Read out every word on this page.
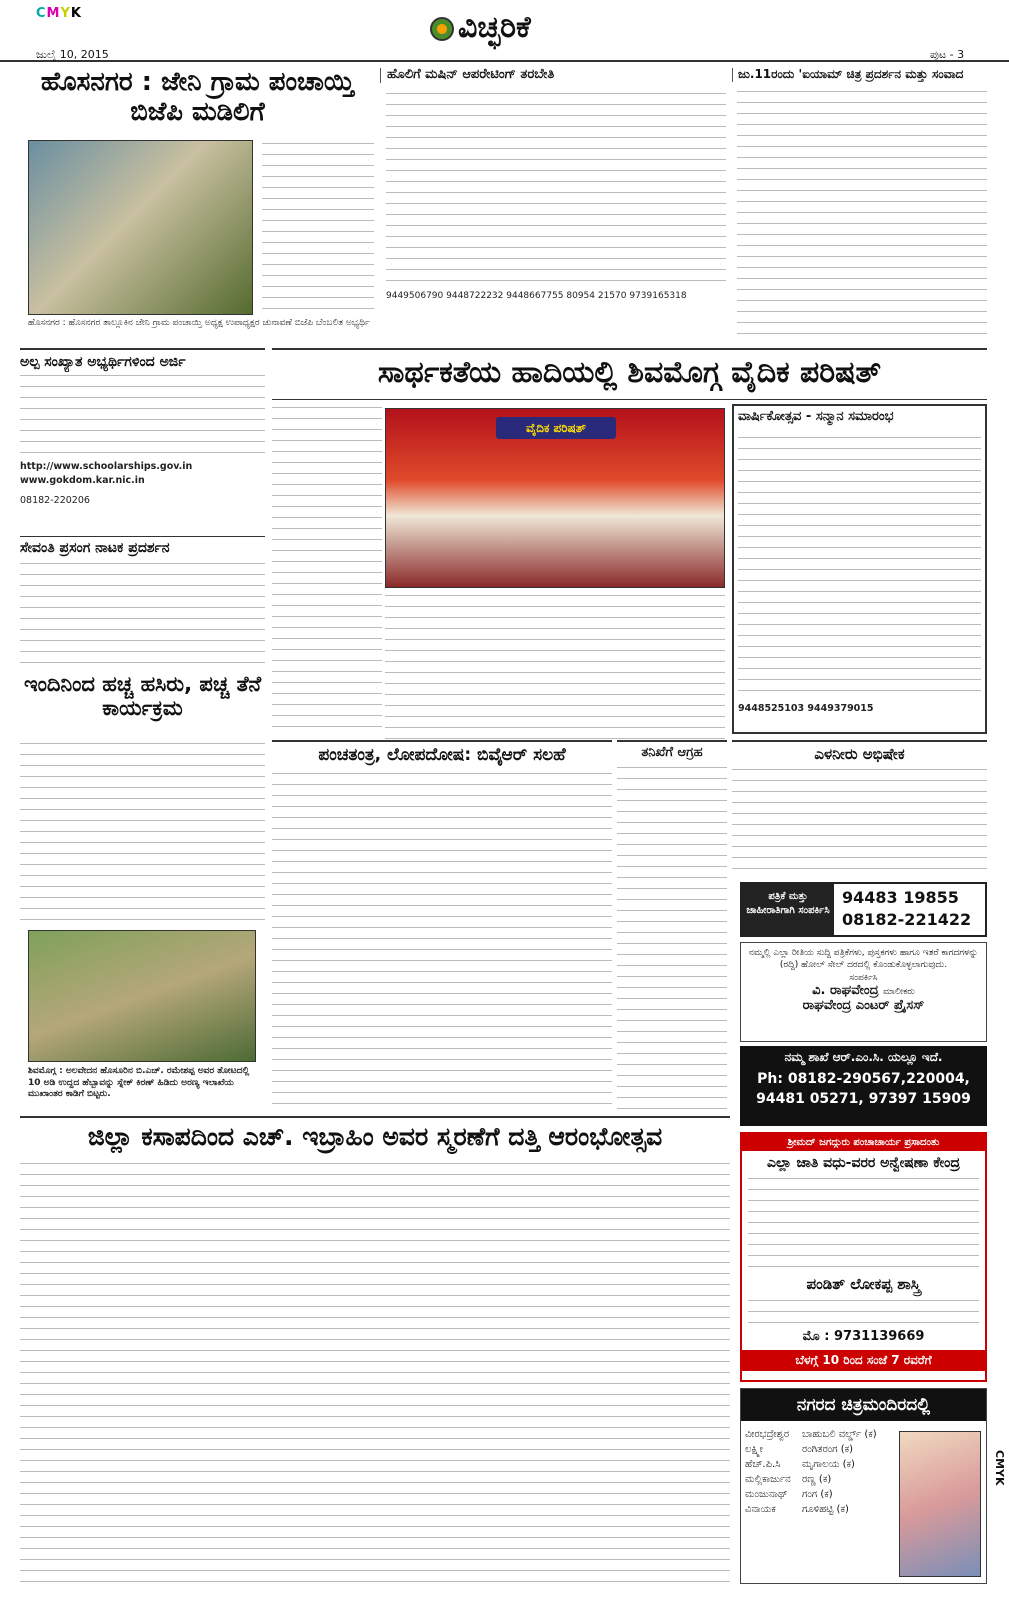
CMYK
ಜುಲೈ 10, 2015
ವಿಚ್ಛರಿಕೆ
ಪುಟ - 3
ಹೊಸನಗರ : ಜೇನಿ ಗ್ರಾಮ ಪಂಚಾಯ್ತಿ ಬಿಜೆಪಿ ಮಡಿಲಿಗೆ
ಹೊಸನಗರ : ಹೊಸನಗರ ತಾಲ್ಲೂಕಿನ ಜೇನಿ ಗ್ರಾಮ ಪಂಚಾಯ್ತಿ ಅಧ್ಯಕ್ಷ ಉಪಾಧ್ಯಕ್ಷರ ಚುನಾವಣೆ ಬಿಜೆಪಿ ಬೆಂಬಲಿತ ಅಭ್ಯರ್ಥಿ
ಹೊಲಿಗೆ ಮಷಿನ್ ಆಪರೇಟಿಂಗ್ ತರಬೇತಿ
9449506790 9448722232 9448667755 80954 21570 9739165318
ಜು.11ರಂದು 'ಐಯಾಮ್ ಚಿತ್ರ ಪ್ರದರ್ಶನ ಮತ್ತು ಸಂವಾದ
ಅಲ್ಪ ಸಂಖ್ಯಾತ ಅಭ್ಯರ್ಥಿಗಳಿಂದ ಅರ್ಜಿ
http://www.schoolarships.gov.in www.gokdom.kar.nic.in
08182-220206
ಸೇವಂತಿ ಪ್ರಸಂಗ ನಾಟಕ ಪ್ರದರ್ಶನ
ಇಂದಿನಿಂದ ಹಚ್ಚ ಹಸಿರು, ಪಚ್ಚ ತೆನೆ ಕಾರ್ಯಕ್ರಮ
ಶಿವಮೊಗ್ಗ : ಅಲವೇದನ ಹೊಸೂರಿನ ಬಿ.ಎಚ್. ರಮೇಶಪ್ಪ ಅವರ ತೋಟದಲ್ಲಿ 10 ಅಡಿ ಉದ್ದದ ಹೆಬ್ಬಾವನ್ನು ಸ್ನೇಕ್ ಕಿರಣ್ ಹಿಡಿದು ಅರಣ್ಯ ಇಲಾಖೆಯ ಮುಖಾಂತರ ಕಾಡಿಗೆ ಬಿಟ್ಟರು.
ಸಾರ್ಥಕತೆಯ ಹಾದಿಯಲ್ಲಿ ಶಿವಮೊಗ್ಗ ವೈದಿಕ ಪರಿಷತ್
ವೈದಿಕ ಪರಿಷತ್
ವಾರ್ಷಿಕೋತ್ಸವ - ಸನ್ಮಾನ ಸಮಾರಂಭ
9448525103 9449379015
ಪಂಚತಂತ್ರ, ಲೋಪದೋಷ: ಬಿವೈಆರ್ ಸಲಹೆ	ತನಿಖೆಗೆ ಆಗ್ರಹ	ಎಳನೀರು ಅಭಿಷೇಕ
ಪತ್ರಿಕೆ ಮತ್ತು ಜಾಹೀರಾತಿಗಾಗಿ ಸಂಪರ್ಕಿಸಿ
94483 19855
08182-221422
ನಮ್ಮಲ್ಲಿ ಎಲ್ಲಾ ರೀತಿಯ ಸುದ್ದಿ ಪತ್ರಿಕೆಗಳು, ಪುಸ್ತಕಗಳು ಹಾಗೂ ಇತರೆ ಕಾಗದಗಳನ್ನು (ರದ್ದಿ) ಹೋಲ್ ಸೇಲ್ ದರದಲ್ಲಿ ಕೊಂಡುಕೊಳ್ಳಲಾಗುವುದು.
ಸಂಪರ್ಕಿಸಿ
ವಿ. ರಾಘವೇಂದ್ರ ಮಾಲೀಕರು
ರಾಘವೇಂದ್ರ ಎಂಟರ್ ಪ್ರೈಸಸ್
ನಮ್ಮ ಶಾಖೆ ಆರ್.ಎಂ.ಸಿ. ಯಲ್ಲೂ ಇದೆ.
Ph: 08182-290567,220004,
94481 05271, 97397 15909
ಜಿಲ್ಲಾ ಕಸಾಪದಿಂದ ಎಚ್. ಇಬ್ರಾಹಿಂ ಅವರ ಸ್ಮರಣೆಗೆ ದತ್ತಿ ಆರಂಭೋತ್ಸವ	ಶ್ರೀಮದ್ ಜಗದ್ಗುರು ಪಂಚಾಚಾರ್ಯ ಪ್ರಸಾದಂತು
ಎಲ್ಲಾ ಜಾತಿ ವಧು-ವರರ ಅನ್ವೇಷಣಾ ಕೇಂದ್ರ
ಪಂಡಿತ್ ಲೋಕಪ್ಪ ಶಾಸ್ತ್ರಿ
ಮೊ : 9731139669
ಬೆಳಗ್ಗೆ 10 ರಿಂದ ಸಂಜೆ 7 ರವರೆಗೆ
ನಗರದ ಚಿತ್ರಮಂದಿರದಲ್ಲಿ
ವೀರಭದ್ರೇಶ್ವರ	ಬಾಹುಬಲಿ ವರ್ಲ್ಡ್ (ಕ)
ಲಕ್ಷ್ಮೀ	ರಂಗಿತರಂಗ (ಕ)
ಹೆಚ್.ಪಿ.ಸಿ	ಮೃಗಾಲಯ (ಕ)
ಮಲ್ಲಿಕಾರ್ಜುನ	ರಣ್ಣ (ಕ)
ಮಂಜುನಾಥ್	ಗಂಗ (ಕ)
ವಿನಾಯಕ	ಗೂಳಿಹಟ್ಟಿ (ಕ)
CMYK
